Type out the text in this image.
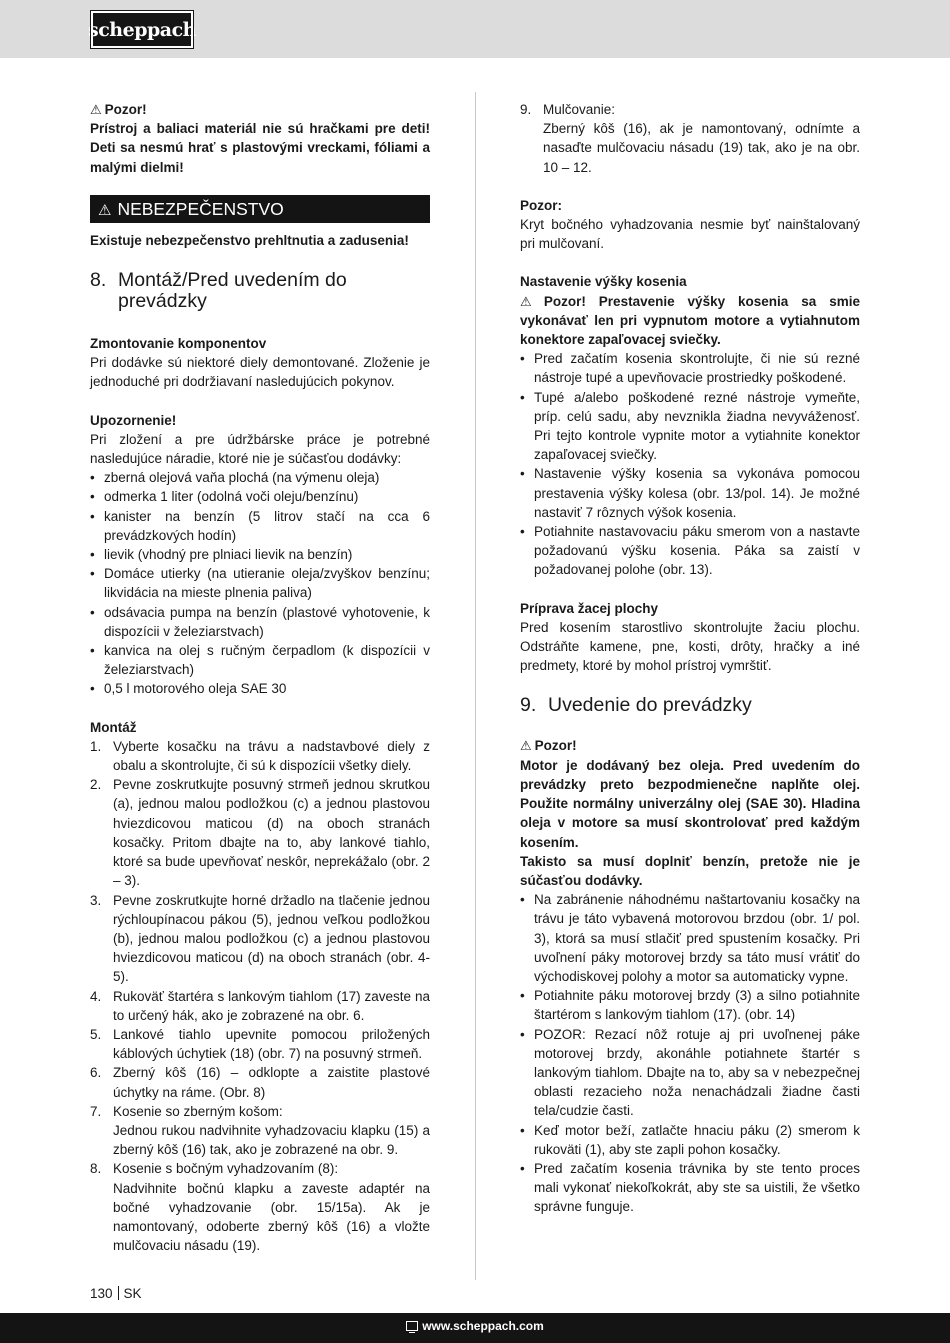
scheppach

⚠ Pozor!

Prístroj a baliaci materiál nie sú hračkami pre deti! Deti sa nesmú hrať s plastovými vreckami, fóliami a malými dielmi!

⚠ NEBEZPEČENSTVO

Existuje nebezpečenstvo prehltnutia a zadusenia!

8. Montáž/Pred uvedením do prevádzky

Zmontovanie komponentov

Pri dodávke sú niektoré diely demontované. Zloženie je jednoduché pri dodržiavaní nasledujúcich pokynov.

Upozornenie!

Pri zložení a pre údržbárske práce je potrebné nasledujúce náradie, ktoré nie je súčasťou dodávky:

• zberná olejová vaňa plochá (na výmenu oleja)
• odmerka 1 liter (odolná voči oleju/benzínu)
• kanister na benzín (5 litrov stačí na cca 6 prevádzkových hodín)
• lievik (vhodný pre plniaci lievik na benzín)
• Domáce utierky (na utieranie oleja/zvyškov benzínu; likvidácia na mieste plnenia paliva)
• odsávacia pumpa na benzín (plastové vyhotovenie, k dispozícii v železiarstvach)
• kanvica na olej s ručným čerpadlom (k dispozícii v železiarstvach)
• 0,5 l motorového oleja SAE 30

Montáž

1. Vyberte kosačku na trávu a nadstavbové diely z obalu a skontrolujte, či sú k dispozícii všetky diely.
2. Pevne zoskrutkujte posuvný strmeň jednou skrutkou (a), jednou malou podložkou (c) a jednou plastovou hviezdicovou maticou (d) na oboch stranách kosačky. Pritom dbajte na to, aby lankové tiahlo, ktoré sa bude upevňovať neskôr, neprekážalo (obr. 2 – 3).
3. Pevne zoskrutkujte horné držadlo na tlačenie jednou rýchloupínacou pákou (5), jednou veľkou podložkou (b), jednou malou podložkou (c) a jednou plastovou hviezdicovou maticou (d) na oboch stranách (obr. 4-5).
4. Rukoväť štartéra s lankovým tiahlom (17) zaveste na to určený hák, ako je zobrazené na obr. 6.
5. Lankové tiahlo upevnite pomocou priložených káblových úchytiek (18) (obr. 7) na posuvný strmeň.
6. Zberný kôš (16) – odklopte a zaistite plastové úchytky na ráme. (Obr. 8)
7. Kosenie so zberným košom:
Jednou rukou nadvihnite vyhadzovaciu klapku (15) a zberný kôš (16) tak, ako je zobrazené na obr. 9.
8. Kosenie s bočným vyhadzovaním (8):
Nadvihnite bočnú klapku a zaveste adaptér na bočné vyhadzovanie (obr. 15/15a). Ak je namontovaný, odoberte zberný kôš (16) a vložte mulčovaciu násadu (19).
9. Mulčovanie:
Zberný kôš (16), ak je namontovaný, odnímte a nasaďte mulčovaciu násadu (19) tak, ako je na obr. 10 – 12.

Pozor:

Kryt bočného vyhadzovania nesmie byť nainštalovaný pri mulčovaní.

Nastavenie výšky kosenia

⚠ Pozor! Prestavenie výšky kosenia sa smie vykonávať len pri vypnutom motore a vytiahnutom konektore zapaľovacej sviečky.

• Pred začatím kosenia skontrolujte, či nie sú rezné nástroje tupé a upevňovacie prostriedky poškodené.
• Tupé a/alebo poškodené rezné nástroje vymeňte, príp. celú sadu, aby nevznikla žiadna nevyváženosť. Pri tejto kontrole vypnite motor a vytiahnite konektor zapaľovacej sviečky.
• Nastavenie výšky kosenia sa vykonáva pomocou prestavenia výšky kolesa (obr. 13/pol. 14). Je možné nastaviť 7 rôznych výšok kosenia.
• Potiahnite nastavovaciu páku smerom von a nastavte požadovanú výšku kosenia. Páka sa zaistí v požadovanej polohe (obr. 13).

Príprava žacej plochy

Pred kosením starostlivo skontrolujte žaciu plochu. Odstráňte kamene, pne, kosti, drôty, hračky a iné predmety, ktoré by mohol prístroj vymrštiť.

9. Uvedenie do prevádzky

⚠ Pozor!

Motor je dodávaný bez oleja. Pred uvedením do prevádzky preto bezpodmienečne naplňte olej. Použite normálny univerzálny olej (SAE 30). Hladina oleja v motore sa musí skontrolovať pred každým kosením.

Takisto sa musí doplniť benzín, pretože nie je súčasťou dodávky.

• Na zabránenie náhodnému naštartovaniu kosačky na trávu je táto vybavená motorovou brzdou (obr. 1/ pol. 3), ktorá sa musí stlačiť pred spustením kosačky. Pri uvoľnení páky motorovej brzdy sa táto musí vrátiť do východiskovej polohy a motor sa automaticky vypne.
• Potiahnite páku motorovej brzdy (3) a silno potiahnite štartérom s lankovým tiahlom (17). (obr. 14)
• POZOR: Rezací nôž rotuje aj pri uvoľnenej páke motorovej brzdy, akonáhle potiahnete štartér s lankovým tiahlom. Dbajte na to, aby sa v nebezpečnej oblasti rezacieho noža nenachádzali žiadne časti tela/cudzie časti.
• Keď motor beží, zatlačte hnaciu páku (2) smerom k rukoväti (1), aby ste zapli pohon kosačky.
• Pred začatím kosenia trávnika by ste tento proces mali vykonať niekoľkokrát, aby ste sa uistili, že všetko správne funguje.
130 SK
www.scheppach.com
